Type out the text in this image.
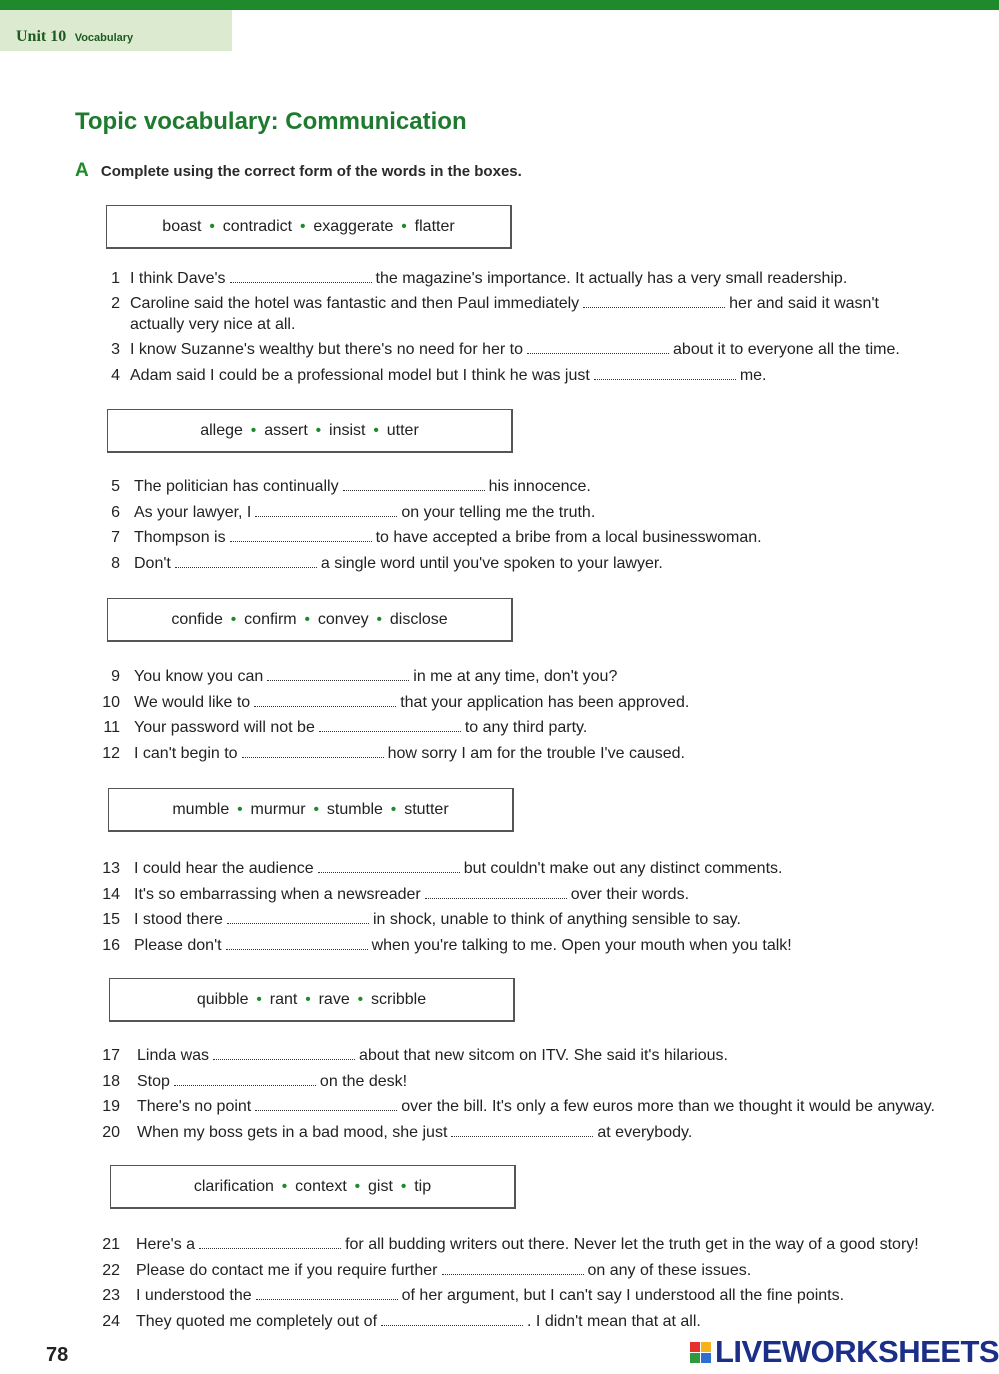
Unit 10 Vocabulary
Topic vocabulary: Communication
A Complete using the correct form of the words in the boxes.
boast • contradict • exaggerate • flatter
1 I think Dave's	the magazine's importance. It actually has a very small readership.
2 Caroline said the hotel was fantastic and then Paul immediately	her and said it wasn't actually very nice at all.
3 I know Suzanne's wealthy but there's no need for her to	about it to everyone all the time.
4 Adam said I could be a professional model but I think he was just	me.
allege • assert • insist • utter
5 The politician has continually	his innocence.
6 As your lawyer, I	on your telling me the truth.
7 Thompson is	to have accepted a bribe from a local businesswoman.
8 Don't	a single word until you've spoken to your lawyer.
confide • confirm • convey • disclose
9 You know you can	in me at any time, don't you?
10 We would like to	that your application has been approved.
11 Your password will not be	to any third party.
12 I can't begin to	how sorry I am for the trouble I've caused.
mumble • murmur • stumble • stutter
13 I could hear the audience	but couldn't make out any distinct comments.
14 It's so embarrassing when a newsreader	over their words.
15 I stood there	in shock, unable to think of anything sensible to say.
16 Please don't	when you're talking to me. Open your mouth when you talk!
quibble • rant • rave • scribble
17 Linda was	about that new sitcom on ITV. She said it's hilarious.
18 Stop	on the desk!
19 There's no point	over the bill. It's only a few euros more than we thought it would be anyway.
20 When my boss gets in a bad mood, she just	at everybody.
clarification • context • gist • tip
21 Here's a	for all budding writers out there. Never let the truth get in the way of a good story!
22 Please do contact me if you require further	on any of these issues.
23 I understood the	of her argument, but I can't say I understood all the fine points.
24 They quoted me completely out of	. I didn't mean that at all.
78	LIVEWORKSHEETS
